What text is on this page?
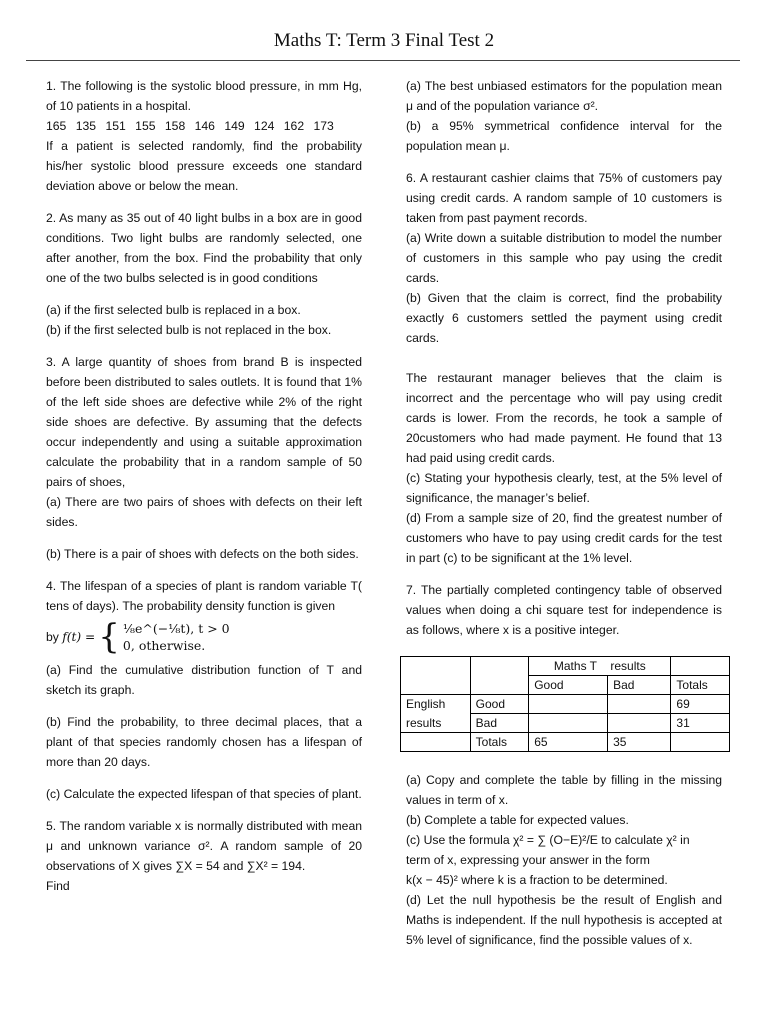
Maths T: Term 3 Final Test 2

1. The following is the systolic blood pressure, in mm Hg, of 10 patients in a hospital.

165 135 151 155 158 146 149 124 162 173

If a patient is selected randomly, find the probability his/her systolic blood pressure exceeds one standard deviation above or below the mean.

2. As many as 35 out of 40 light bulbs in a box are in good conditions. Two light bulbs are randomly selected, one after another, from the box. Find the probability that only one of the two bulbs selected is in good conditions

(a) if the first selected bulb is replaced in a box.

(b) if the first selected bulb is not replaced in the box.

3. A large quantity of shoes from brand B is inspected before been distributed to sales outlets. It is found that 1% of the left side shoes are defective while 2% of the right side shoes are defective. By assuming that the defects occur independently and using a suitable approximation calculate the probability that in a random sample of 50 pairs of shoes,

(a) There are two pairs of shoes with defects on their left sides.

(b) There is a pair of shoes with defects on the both sides.

4. The lifespan of a species of plant is random variable T( tens of days). The probability density function is given

by
f(t) = { ⅛e^(−⅛t), t > 0
0, otherwise.

(a) Find the cumulative distribution function of T and sketch its graph.

(b) Find the probability, to three decimal places, that a plant of that species randomly chosen has a lifespan of more than 20 days.

(c) Calculate the expected lifespan of that species of plant.

5. The random variable x is normally distributed with mean μ and unknown variance σ². A random sample of 20 observations of X gives ∑X = 54 and ∑X² = 194.

Find

(a) The best unbiased estimators for the population mean μ and of the population variance σ².

(b) a 95% symmetrical confidence interval for the population mean μ.

6. A restaurant cashier claims that 75% of customers pay using credit cards. A random sample of 10 customers is taken from past payment records.

(a) Write down a suitable distribution to model the number of customers in this sample who pay using the credit cards.

(b) Given that the claim is correct, find the probability exactly 6 customers settled the payment using credit cards.

The restaurant manager believes that the claim is incorrect and the percentage who will pay using credit cards is lower. From the records, he took a sample of 20customers who had made payment. He found that 13 had paid using credit cards.

(c) Stating your hypothesis clearly, test, at the 5% level of significance, the manager’s belief.

(d) From a sample size of 20, find the greatest number of customers who have to pay using credit cards for the test in part (c) to be significant at the 1% level.

7. The partially completed contingency table of observed values when doing a chi square test for independence is as follows, where x is a positive integer.

		Maths T results		
		Good	Bad	Totals
English	Good			69
results	Bad			31
	Totals	65	35	

(a) Copy and complete the table by filling in the missing values in term of x.

(b) Complete a table for expected values.

(c) Use the formula χ² = ∑ (O−E)²/E to calculate χ² in

term of x, expressing your answer in the form

k(x − 45)² where k is a fraction to be determined.

(d) Let the null hypothesis be the result of English and Maths is independent. If the null hypothesis is accepted at 5% level of significance, find the possible values of x.
